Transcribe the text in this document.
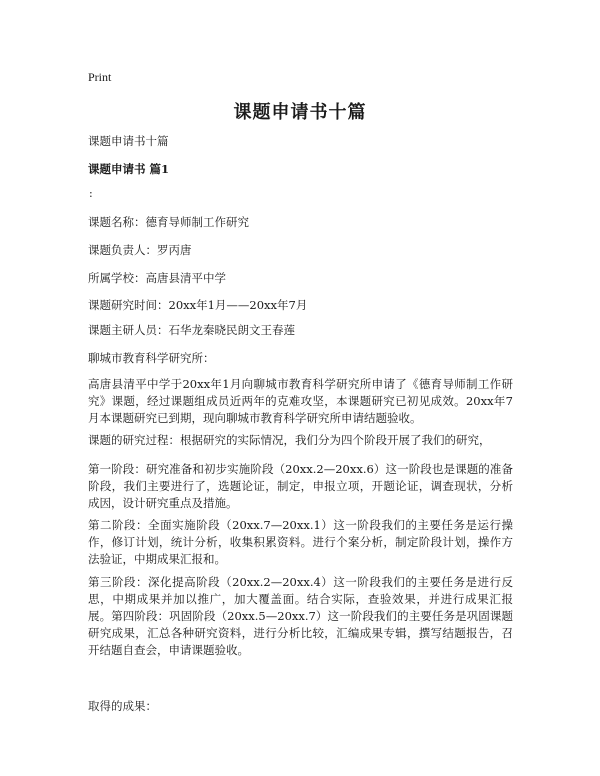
Print
课题申请书十篇
课题申请书十篇
课题申请书 篇1
:
课题名称：德育导师制工作研究
课题负责人：罗丙唐
所属学校：高唐县清平中学
课题研究时间：20xx年1月——20xx年7月
课题主研人员：石华龙秦晓民朗文王春莲
聊城市教育科学研究所：
高唐县清平中学于20xx年1月向聊城市教育科学研究所申请了《德育导师制工作研究》课题，经过课题组成员近两年的克难攻坚，本课题研究已初见成效。20xx年7月本课题研究已到期，现向聊城市教育科学研究所申请结题验收。
课题的研究过程：根据研究的实际情况，我们分为四个阶段开展了我们的研究，
第一阶段：研究准备和初步实施阶段（20xx.2—20xx.6）这一阶段也是课题的准备阶段，我们主要进行了，选题论证，制定，申报立项，开题论证，调查现状，分析成因，设计研究重点及措施。
第二阶段：全面实施阶段（20xx.7—20xx.1）这一阶段我们的主要任务是运行操作，修订计划，统计分析，收集积累资料。进行个案分析，制定阶段计划，操作方法验证，中期成果汇报和。
第三阶段：深化提高阶段（20xx.2—20xx.4）这一阶段我们的主要任务是进行反思，中期成果并加以推广，加大覆盖面。结合实际，查验效果，并进行成果汇报展。第四阶段：巩固阶段（20xx.5—20xx.7）这一阶段我们的主要任务是巩固课题研究成果，汇总各种研究资料，进行分析比较，汇编成果专辑，撰写结题报告，召开结题自查会，申请课题验收。
取得的成果：
